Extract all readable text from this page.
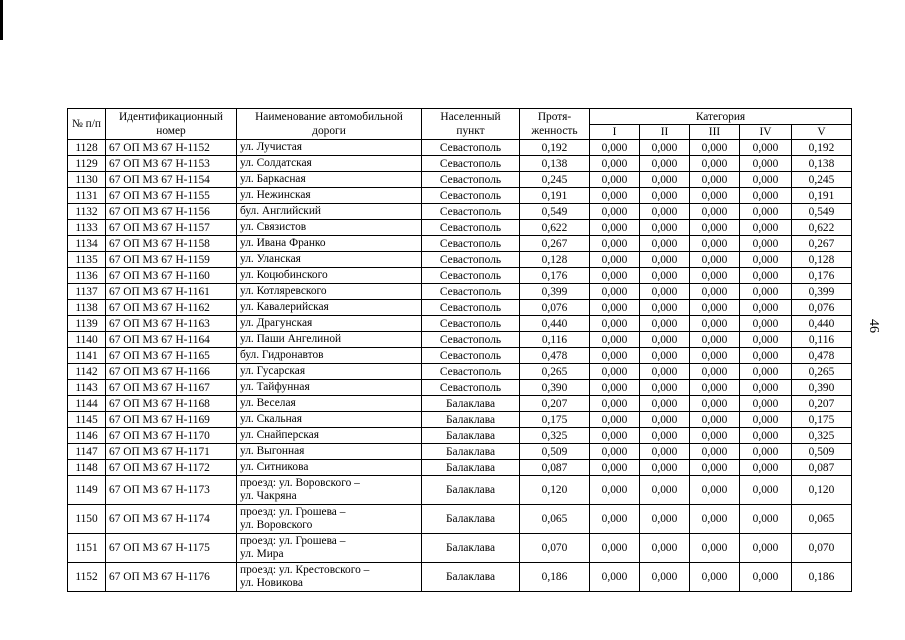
46
№ п/п	Идентификационный номер	Наименование автомобильной дороги	Населенный пункт	Протя-женность	Категория				
					I	II	III	IV	V
1128	67 ОП МЗ 67 Н-1152	ул. Лучистая	Севастополь	0,192	0,000	0,000	0,000	0,000	0,192
1129	67 ОП МЗ 67 Н-1153	ул. Солдатская	Севастополь	0,138	0,000	0,000	0,000	0,000	0,138
1130	67 ОП МЗ 67 Н-1154	ул. Баркасная	Севастополь	0,245	0,000	0,000	0,000	0,000	0,245
1131	67 ОП МЗ 67 Н-1155	ул. Нежинская	Севастополь	0,191	0,000	0,000	0,000	0,000	0,191
1132	67 ОП МЗ 67 Н-1156	бул. Английский	Севастополь	0,549	0,000	0,000	0,000	0,000	0,549
1133	67 ОП МЗ 67 Н-1157	ул. Связистов	Севастополь	0,622	0,000	0,000	0,000	0,000	0,622
1134	67 ОП МЗ 67 Н-1158	ул. Ивана Франко	Севастополь	0,267	0,000	0,000	0,000	0,000	0,267
1135	67 ОП МЗ 67 Н-1159	ул. Уланская	Севастополь	0,128	0,000	0,000	0,000	0,000	0,128
1136	67 ОП МЗ 67 Н-1160	ул. Коцюбинского	Севастополь	0,176	0,000	0,000	0,000	0,000	0,176
1137	67 ОП МЗ 67 Н-1161	ул. Котляревского	Севастополь	0,399	0,000	0,000	0,000	0,000	0,399
1138	67 ОП МЗ 67 Н-1162	ул. Кавалерийская	Севастополь	0,076	0,000	0,000	0,000	0,000	0,076
1139	67 ОП МЗ 67 Н-1163	ул. Драгунская	Севастополь	0,440	0,000	0,000	0,000	0,000	0,440
1140	67 ОП МЗ 67 Н-1164	ул. Паши Ангелиной	Севастополь	0,116	0,000	0,000	0,000	0,000	0,116
1141	67 ОП МЗ 67 Н-1165	бул. Гидронавтов	Севастополь	0,478	0,000	0,000	0,000	0,000	0,478
1142	67 ОП МЗ 67 Н-1166	ул. Гусарская	Севастополь	0,265	0,000	0,000	0,000	0,000	0,265
1143	67 ОП МЗ 67 Н-1167	ул. Тайфунная	Севастополь	0,390	0,000	0,000	0,000	0,000	0,390
1144	67 ОП МЗ 67 Н-1168	ул. Веселая	Балаклава	0,207	0,000	0,000	0,000	0,000	0,207
1145	67 ОП МЗ 67 Н-1169	ул. Скальная	Балаклава	0,175	0,000	0,000	0,000	0,000	0,175
1146	67 ОП МЗ 67 Н-1170	ул. Снайперская	Балаклава	0,325	0,000	0,000	0,000	0,000	0,325
1147	67 ОП МЗ 67 Н-1171	ул. Выгонная	Балаклава	0,509	0,000	0,000	0,000	0,000	0,509
1148	67 ОП МЗ 67 Н-1172	ул. Ситникова	Балаклава	0,087	0,000	0,000	0,000	0,000	0,087
1149	67 ОП МЗ 67 Н-1173	проезд: ул. Воровского –
ул. Чакряна	Балаклава	0,120	0,000	0,000	0,000	0,000	0,120
1150	67 ОП МЗ 67 Н-1174	проезд: ул. Грошева –
ул. Воровского	Балаклава	0,065	0,000	0,000	0,000	0,000	0,065
1151	67 ОП МЗ 67 Н-1175	проезд: ул. Грошева –
ул. Мира	Балаклава	0,070	0,000	0,000	0,000	0,000	0,070
1152	67 ОП МЗ 67 Н-1176	проезд: ул. Крестовского –
ул. Новикова	Балаклава	0,186	0,000	0,000	0,000	0,000	0,186
